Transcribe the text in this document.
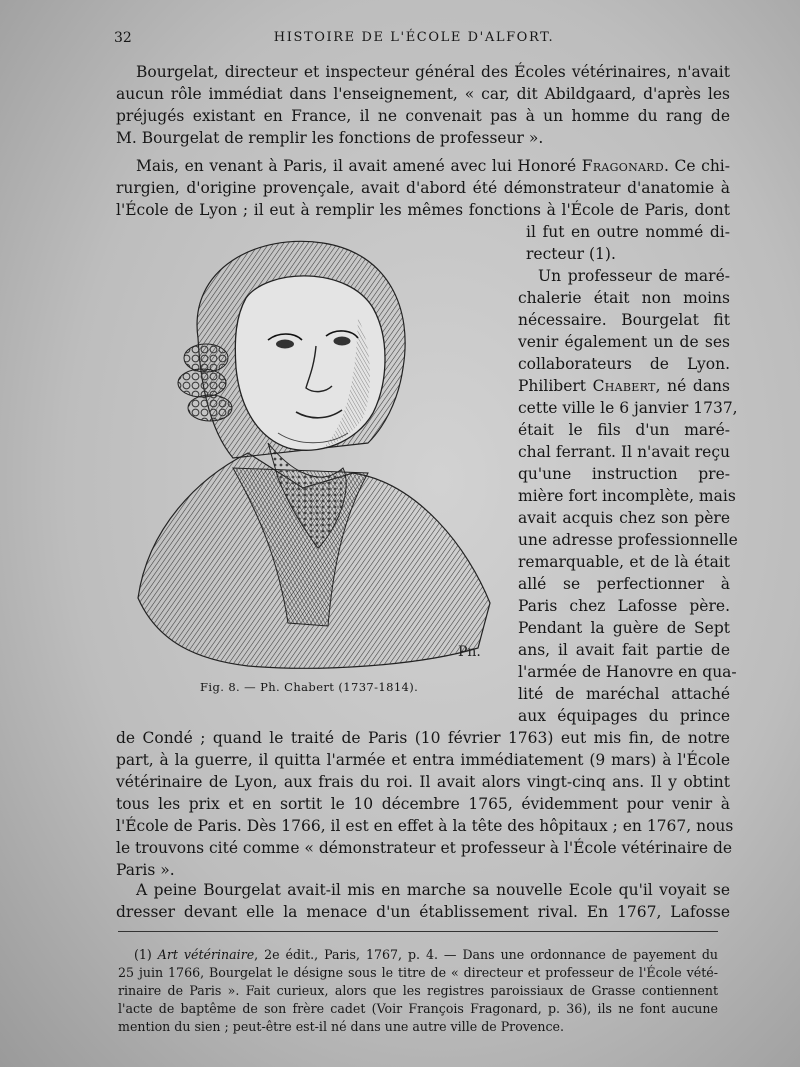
32	HISTOIRE DE L'ÉCOLE D'ALFORT.
Bourgelat, directeur et inspecteur général des Écoles vétérinaires, n'avait
aucun rôle immédiat dans l'enseignement, « car, dit Abildgaard, d'après les
préjugés existant en France, il ne convenait pas à un homme du rang de
M. Bourgelat de remplir les fonctions de professeur ».
Mais, en venant à Paris, il avait amené avec lui Honoré Fragonard. Ce chi-
rurgien, d'origine provençale, avait d'abord été démonstrateur d'anatomie à
l'École de Lyon ; il eut à remplir les mêmes fonctions à l'École de Paris, dont
il fut en outre nommé di-
recteur (1).
Un professeur de maré-
chalerie était non moins
nécessaire. Bourgelat fit
venir également un de ses
collaborateurs de Lyon.
Philibert Chabert, né dans
cette ville le 6 janvier 1737,
était le fils d'un maré-
chal ferrant. Il n'avait reçu
qu'une instruction pre-
mière fort incomplète, mais
avait acquis chez son père
une adresse professionnelle
remarquable, et de là était
allé se perfectionner à
Paris chez Lafosse père.
Pendant la guère de Sept
ans, il avait fait partie de
l'armée de Hanovre en qua-
lité de maréchal attaché
aux équipages du prince
de Condé ; quand le traité de Paris (10 février 1763) eut mis fin, de notre
part, à la guerre, il quitta l'armée et entra immédiatement (9 mars) à l'École
vétérinaire de Lyon, aux frais du roi. Il avait alors vingt-cinq ans. Il y obtint
tous les prix et en sortit le 10 décembre 1765, évidemment pour venir à
l'École de Paris. Dès 1766, il est en effet à la tête des hôpitaux ; en 1767, nous
le trouvons cité comme « démonstrateur et professeur à l'École vétérinaire de
Paris ».
A peine Bourgelat avait-il mis en marche sa nouvelle Ecole qu'il voyait se
dresser devant elle la menace d'un établissement rival. En 1767, Lafosse
Pn.
Fig. 8. — Ph. Chabert (1737-1814).
(1) Art vétérinaire, 2e édit., Paris, 1767, p. 4. — Dans une ordonnance de payement du
25 juin 1766, Bourgelat le désigne sous le titre de « directeur et professeur de l'École vété-
rinaire de Paris ». Fait curieux, alors que les registres paroissiaux de Grasse contiennent
l'acte de baptême de son frère cadet (Voir François Fragonard, p. 36), ils ne font aucune
mention du sien ; peut-être est-il né dans une autre ville de Provence.
